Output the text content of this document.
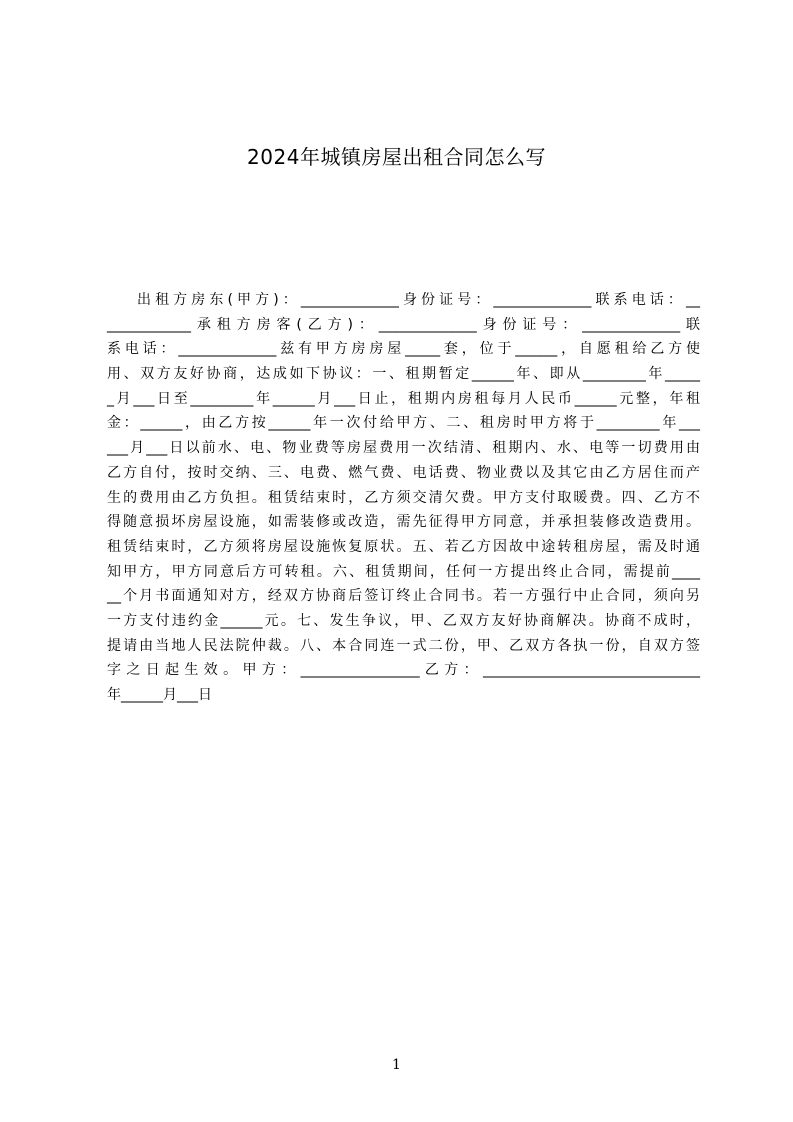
2024年城镇房屋出租合同怎么写
出租方房东(甲方)：______________身份证号：______________联系电话：__
____________承租方房客(乙方)：______________身份证号：______________联
系电话：______________兹有甲方房房屋_____套，位于______，自愿租给乙方使
用、双方友好协商，达成如下协议：一、租期暂定______年、即从_________年_____
_月___日至_________年______月___日止，租期内房租每月人民币______元整，年租
金：______，由乙方按______年一次付给甲方、二、租房时甲方将于_________年___
___月___日以前水、电、物业费等房屋费用一次结清、租期内、水、电等一切费用由
乙方自付，按时交纳、三、电费、燃气费、电话费、物业费以及其它由乙方居住而产
生的费用由乙方负担。租赁结束时，乙方须交清欠费。甲方支付取暖费。四、乙方不
得随意损坏房屋设施，如需装修或改造，需先征得甲方同意，并承担装修改造费用。
租赁结束时，乙方须将房屋设施恢复原状。五、若乙方因故中途转租房屋，需及时通
知甲方，甲方同意后方可转租。六、租赁期间，任何一方提出终止合同，需提前____
__个月书面通知对方，经双方协商后签订终止合同书。若一方强行中止合同，须向另
一方支付违约金______元。七、发生争议，甲、乙双方友好协商解决。协商不成时，
提请由当地人民法院仲裁。八、本合同连一式二份，甲、乙双方各执一份，自双方签
字之日起生效。甲方：_________________乙方：_______________________________
年______月___日
1
